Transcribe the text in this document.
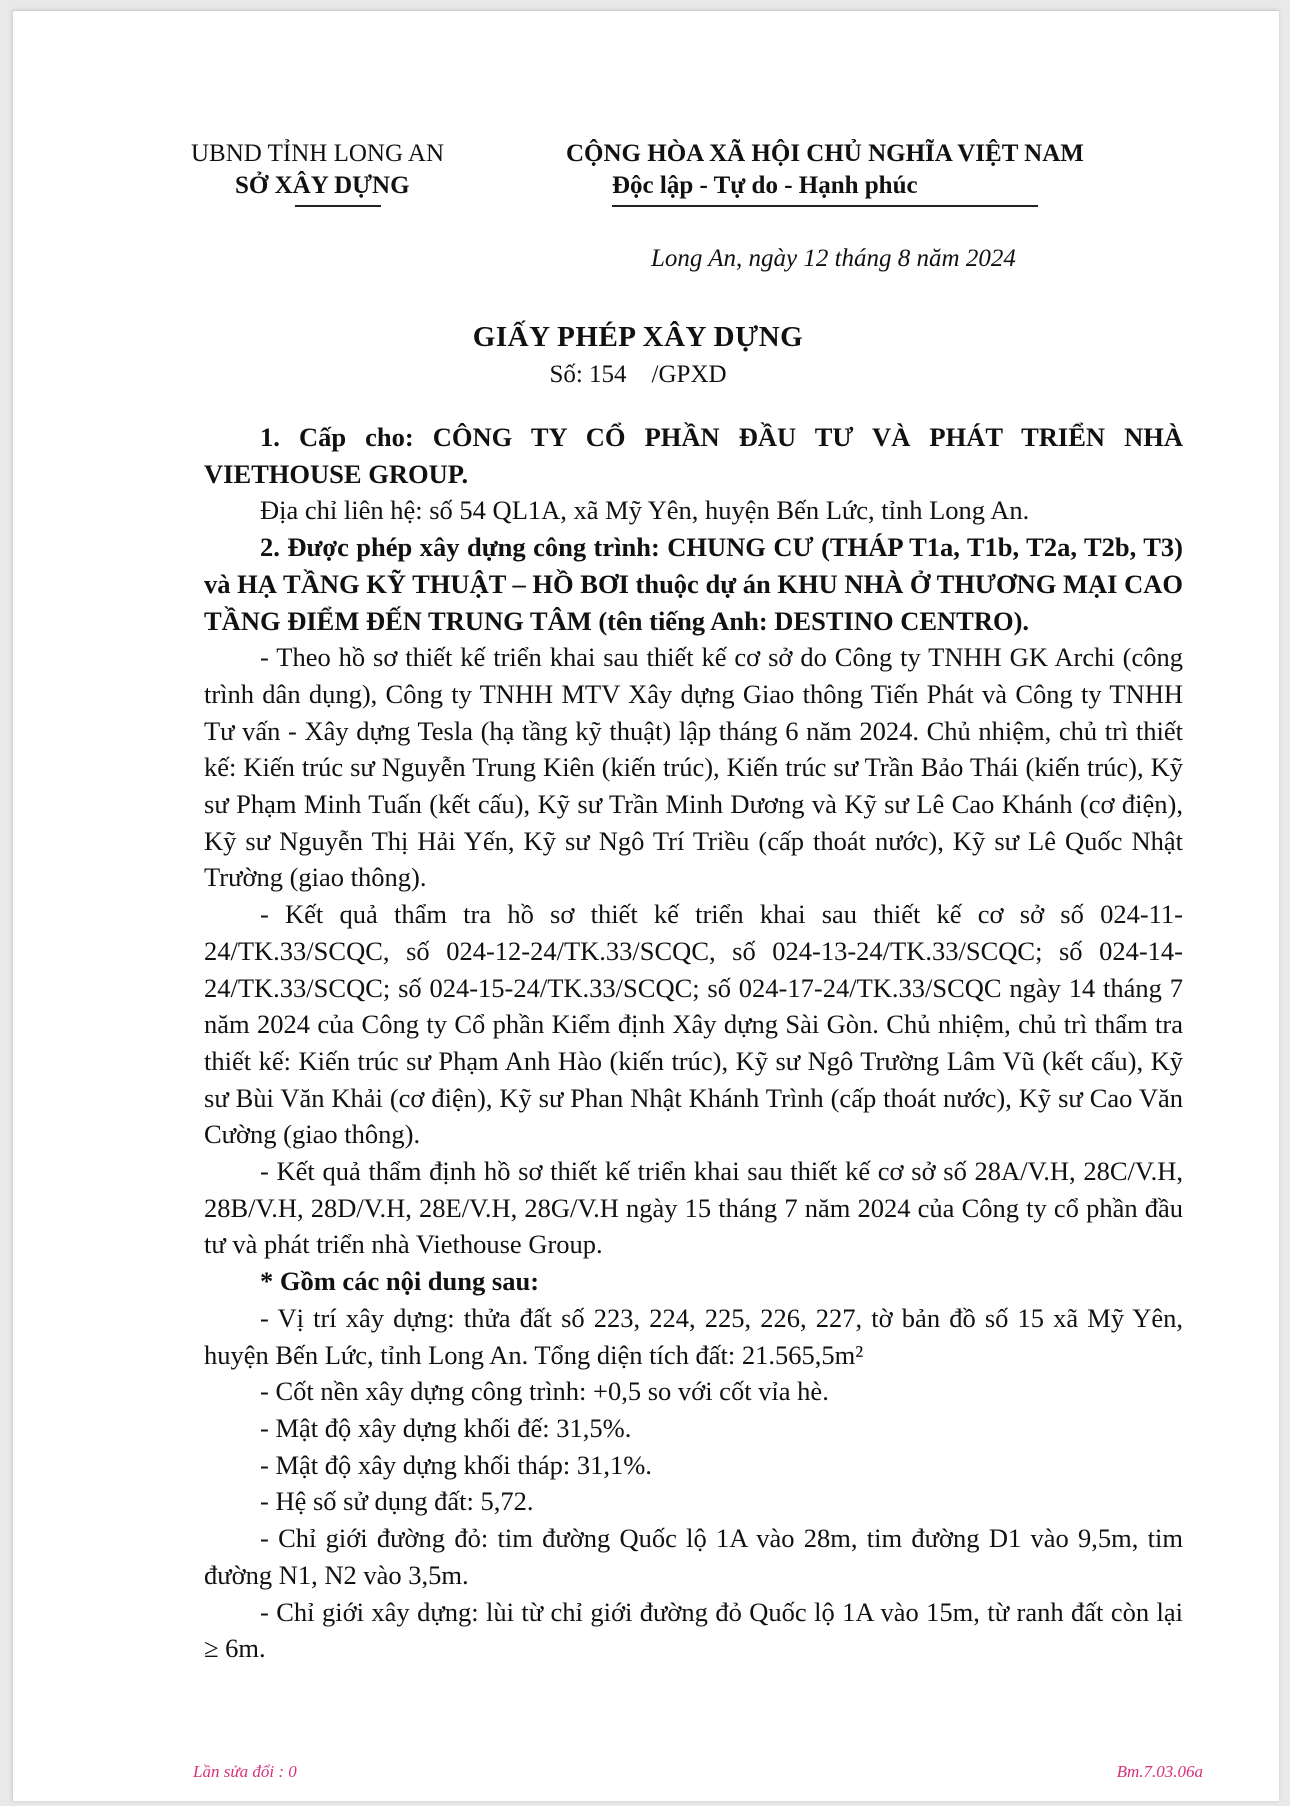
UBND TỈNH LONG AN
SỞ XÂY DỰNG
CỘNG HÒA XÃ HỘI CHỦ NGHĨA VIỆT NAM
Độc lập - Tự do - Hạnh phúc
Long An, ngày 12 tháng 8 năm 2024
GIẤY PHÉP XÂY DỰNG
Số: 154    /GPXD

1. Cấp cho: CÔNG TY CỔ PHẦN ĐẦU TƯ VÀ PHÁT TRIỂN NHÀ VIETHOUSE GROUP.

Địa chỉ liên hệ: số 54 QL1A, xã Mỹ Yên, huyện Bến Lức, tỉnh Long An.

2. Được phép xây dựng công trình: CHUNG CƯ (THÁP T1a, T1b, T2a, T2b, T3) và HẠ TẦNG KỸ THUẬT – HỒ BƠI thuộc dự án KHU NHÀ Ở THƯƠNG MẠI CAO TẦNG ĐIỂM ĐẾN TRUNG TÂM (tên tiếng Anh: DESTINO CENTRO).

- Theo hồ sơ thiết kế triển khai sau thiết kế cơ sở do Công ty TNHH GK Archi (công trình dân dụng), Công ty TNHH MTV Xây dựng Giao thông Tiến Phát và Công ty TNHH Tư vấn - Xây dựng Tesla (hạ tầng kỹ thuật) lập tháng 6 năm 2024. Chủ nhiệm, chủ trì thiết kế: Kiến trúc sư Nguyễn Trung Kiên (kiến trúc), Kiến trúc sư Trần Bảo Thái (kiến trúc), Kỹ sư Phạm Minh Tuấn (kết cấu), Kỹ sư Trần Minh Dương và Kỹ sư Lê Cao Khánh (cơ điện), Kỹ sư Nguyễn Thị Hải Yến, Kỹ sư Ngô Trí Triều (cấp thoát nước), Kỹ sư Lê Quốc Nhật Trường (giao thông).

- Kết quả thẩm tra hồ sơ thiết kế triển khai sau thiết kế cơ sở số 024-11-24/TK.33/SCQC, số 024-12-24/TK.33/SCQC, số 024-13-24/TK.33/SCQC; số 024-14-24/TK.33/SCQC; số 024-15-24/TK.33/SCQC; số 024-17-24/TK.33/SCQC ngày 14 tháng 7 năm 2024 của Công ty Cổ phần Kiểm định Xây dựng Sài Gòn. Chủ nhiệm, chủ trì thẩm tra thiết kế: Kiến trúc sư Phạm Anh Hào (kiến trúc), Kỹ sư Ngô Trường Lâm Vũ (kết cấu), Kỹ sư Bùi Văn Khải (cơ điện), Kỹ sư Phan Nhật Khánh Trình (cấp thoát nước), Kỹ sư Cao Văn Cường (giao thông).

- Kết quả thẩm định hồ sơ thiết kế triển khai sau thiết kế cơ sở số 28A/V.H, 28C/V.H, 28B/V.H, 28D/V.H, 28E/V.H, 28G/V.H ngày 15 tháng 7 năm 2024 của Công ty cổ phần đầu tư và phát triển nhà Viethouse Group.

* Gồm các nội dung sau:

- Vị trí xây dựng: thửa đất số 223, 224, 225, 226, 227, tờ bản đồ số 15 xã Mỹ Yên, huyện Bến Lức, tỉnh Long An. Tổng diện tích đất: 21.565,5m²

- Cốt nền xây dựng công trình: +0,5 so với cốt vỉa hè.

- Mật độ xây dựng khối đế: 31,5%.

- Mật độ xây dựng khối tháp: 31,1%.

- Hệ số sử dụng đất: 5,72.

- Chỉ giới đường đỏ: tim đường Quốc lộ 1A vào 28m, tim đường D1 vào 9,5m, tim đường N1, N2 vào 3,5m.

- Chỉ giới xây dựng: lùi từ chỉ giới đường đỏ Quốc lộ 1A vào 15m, từ ranh đất còn lại ≥ 6m.

Lần sửa đổi : 0	Bm.7.03.06a
